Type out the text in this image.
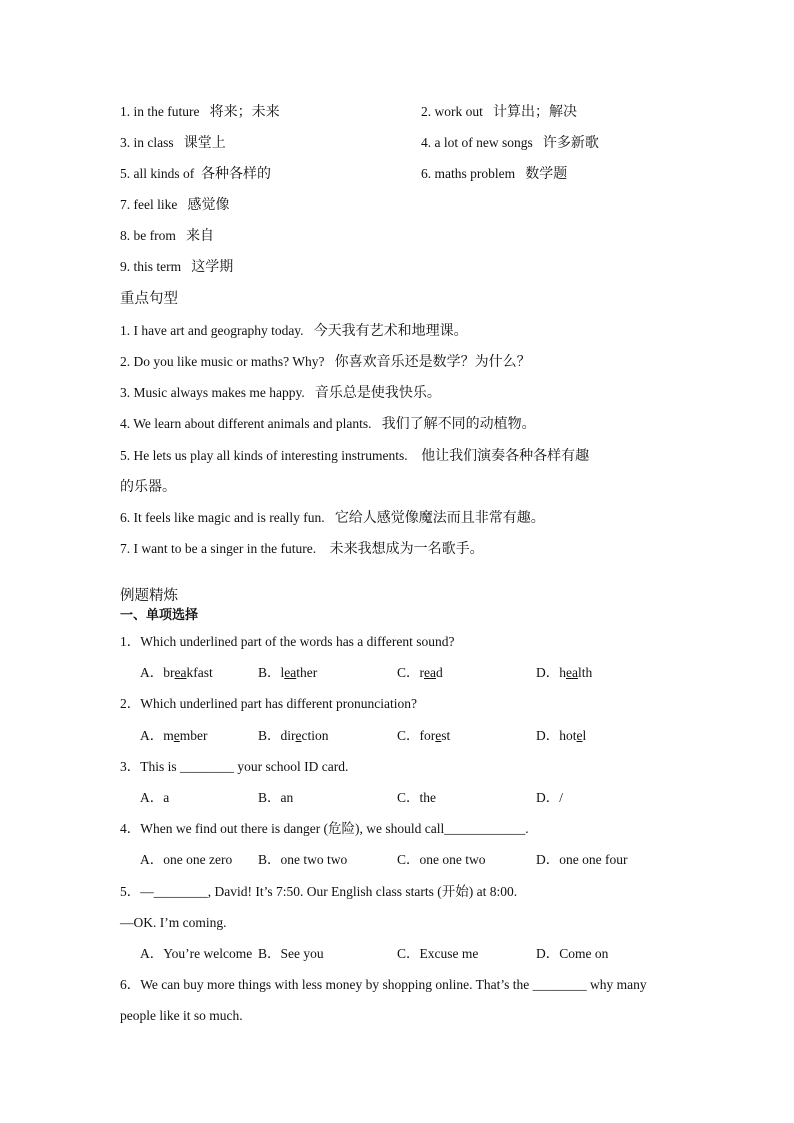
1. in the future 将来；未来	2. work out 计算出；解决
3. in class 课堂上	4. a lot of new songs 许多新歌
5. all kinds of 各种各样的	6. maths problem 数学题
7. feel like 感觉像
8. be from 来自
9. this term 这学期
重点句型
1. I have art and geography today. 今天我有艺术和地理课。
2. Do you like music or maths? Why? 你喜欢音乐还是数学？为什么？
3. Music always makes me happy. 音乐总是使我快乐。
4. We learn about different animals and plants. 我们了解不同的动植物。
5. He lets us play all kinds of interesting instruments. 他让我们演奏各种各样有趣
的乐器。
6. It feels like magic and is really fun. 它给人感觉像魔法而且非常有趣。
7. I want to be a singer in the future. 未来我想成为一名歌手。
例题精炼
一、单项选择
1．Which underlined part of the words has a different sound?
A．breakfast	B．leather	C．read	D．health
2．Which underlined part has different pronunciation?
A．member	B．direction	C．forest	D．hotel
3．This is ________ your school ID card.
A．a	B．an	C．the	D．/
4．When we find out there is danger (危险), we should call____________.
A．one one zero B．one two two	C．one one two	D．one one four
5．—________, David! It’s 7:50. Our English class starts (开始) at 8:00.
—OK. I’m coming.
A．You’re welcome B．See you	C．Excuse me	D．Come on
6．We can buy more things with less money by shopping online. That’s the ________ why many
people like it so much.
